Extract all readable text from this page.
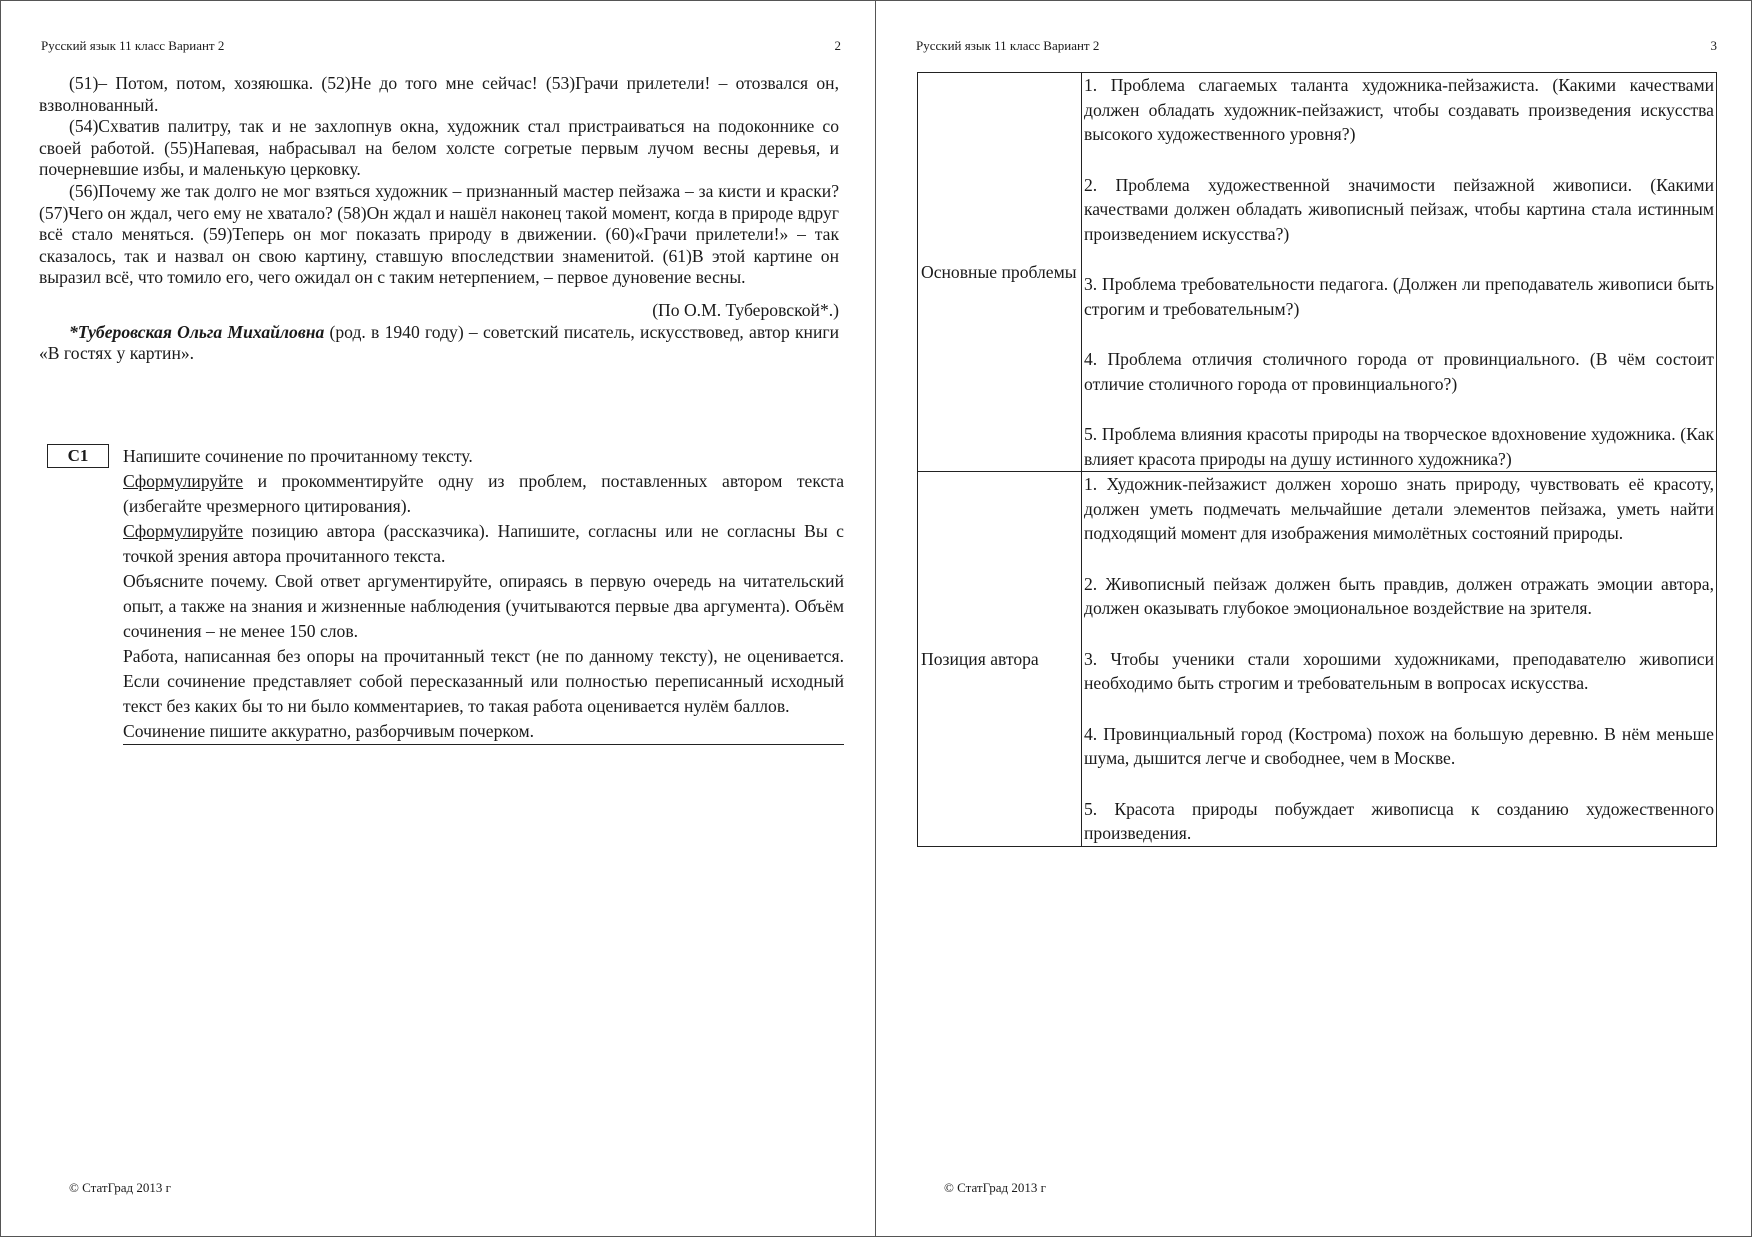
Русский язык 11 класс Вариант 2	2

(51)– Потом, потом, хозяюшка. (52)Не до того мне сейчас! (53)Грачи прилетели! – отозвался он, взволнованный.

(54)Схватив палитру, так и не захлопнув окна, художник стал пристраиваться на подоконнике со своей работой. (55)Напевая, набрасывал на белом холсте согретые первым лучом весны деревья, и почерневшие избы, и маленькую церковку.

(56)Почему же так долго не мог взяться художник – признанный мастер пейзажа – за кисти и краски? (57)Чего он ждал, чего ему не хватало? (58)Он ждал и нашёл наконец такой момент, когда в природе вдруг всё стало меняться. (59)Теперь он мог показать природу в движении. (60)«Грачи прилетели!» – так сказалось, так и назвал он свою картину, ставшую впоследствии знаменитой. (61)В этой картине он выразил всё, что томило его, чего ожидал он с таким нетерпением, – первое дуновение весны.

(По О.М. Туберовской*.)

*Туберовская Ольга Михайловна (род. в 1940 году) – советский писатель, искусствовед, автор книги «В гостях у картин».

C1	Напишите сочинение по прочитанному тексту.
Сформулируйте и прокомментируйте одну из проблем, поставленных автором текста (избегайте чрезмерного цитирования).
Сформулируйте позицию автора (рассказчика). Напишите, согласны или не согласны Вы с точкой зрения автора прочитанного текста.
Объясните почему. Свой ответ аргументируйте, опираясь в первую очередь на читательский опыт, а также на знания и жизненные наблюдения (учитываются первые два аргумента). Объём сочинения – не менее 150 слов.
Работа, написанная без опоры на прочитанный текст (не по данному тексту), не оценивается. Если сочинение представляет собой пересказанный или полностью переписанный исходный текст без каких бы то ни было комментариев, то такая работа оценивается нулём баллов.
Сочинение пишите аккуратно, разборчивым почерком.
© СтатГрад 2013 г
Русский язык 11 класс Вариант 2	3
Основные проблемы	1. Проблема слагаемых таланта художника-пейзажиста. (Какими качествами должен обладать художник-пейзажист, чтобы создавать произведения искусства высокого художественного уровня?)
2. Проблема художественной значимости пейзажной живописи. (Какими качествами должен обладать живописный пейзаж, чтобы картина стала истинным произведением искусства?)
3. Проблема требовательности педагога. (Должен ли преподаватель живописи быть строгим и требовательным?)
4. Проблема отличия столичного города от провинциального. (В чём состоит отличие столичного города от провинциального?)
5. Проблема влияния красоты природы на творческое вдохновение художника. (Как влияет красота природы на душу истинного художника?)

Позиция автора	1. Художник-пейзажист должен хорошо знать природу, чувствовать её красоту, должен уметь подмечать мельчайшие детали элементов пейзажа, уметь найти подходящий момент для изображения мимолётных состояний природы.
2. Живописный пейзаж должен быть правдив, должен отражать эмоции автора, должен оказывать глубокое эмоциональное воздействие на зрителя.
3. Чтобы ученики стали хорошими художниками, преподавателю живописи необходимо быть строгим и требовательным в вопросах искусства.
4. Провинциальный город (Кострома) похож на большую деревню. В нём меньше шума, дышится легче и свободнее, чем в Москве.
5. Красота природы побуждает живописца к созданию художественного произведения.
© СтатГрад 2013 г
